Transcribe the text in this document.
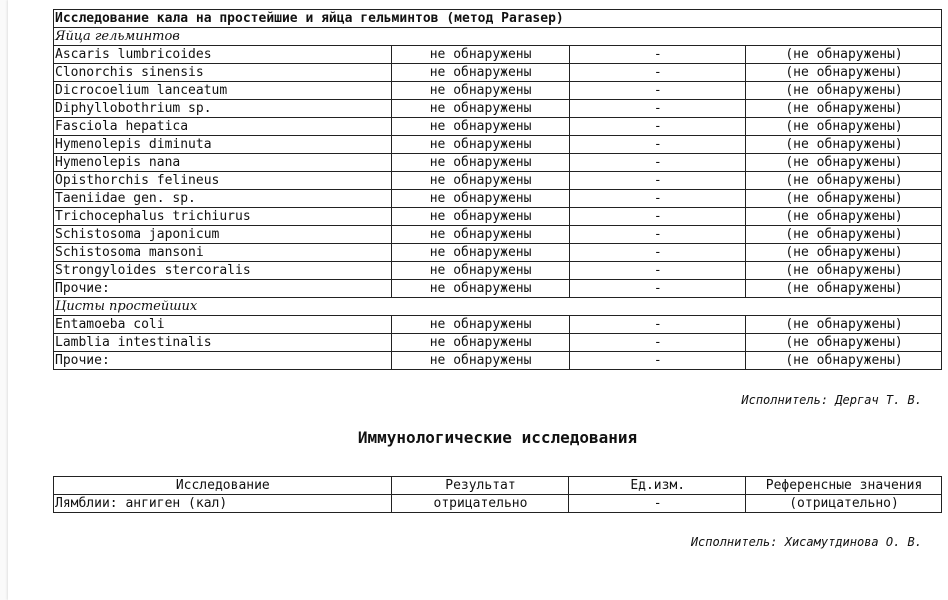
Исследование кала на простейшие и яйца гельминтов (метод Parasep)			
Яйца гельминтов			
Ascaris lumbricoides	не обнаружены	-	(не обнаружены)
Clonorchis sinensis	не обнаружены	-	(не обнаружены)
Dicrocoelium lanceatum	не обнаружены	-	(не обнаружены)
Diphyllobothrium sp.	не обнаружены	-	(не обнаружены)
Fasciola hepatica	не обнаружены	-	(не обнаружены)
Hymenolepis diminuta	не обнаружены	-	(не обнаружены)
Hymenolepis nana	не обнаружены	-	(не обнаружены)
Opisthorchis felineus	не обнаружены	-	(не обнаружены)
Taeniidae gen. sp.	не обнаружены	-	(не обнаружены)
Trichocephalus trichiurus	не обнаружены	-	(не обнаружены)
Schistosoma japonicum	не обнаружены	-	(не обнаружены)
Schistosoma mansoni	не обнаружены	-	(не обнаружены)
Strongyloides stercoralis	не обнаружены	-	(не обнаружены)
Прочие:	не обнаружены	-	(не обнаружены)
Цисты простейших			
Entamoeba coli	не обнаружены	-	(не обнаружены)
Lamblia intestinalis	не обнаружены	-	(не обнаружены)
Прочие:	не обнаружены	-	(не обнаружены)
Исполнитель: Дергач Т. В.
Иммунологические исследования
Исследование	Результат	Ед.изм.	Референсные значения
Лямблии: ангиген (кал)	отрицательно	-	(отрицательно)
Исполнитель: Хисамутдинова О. В.
